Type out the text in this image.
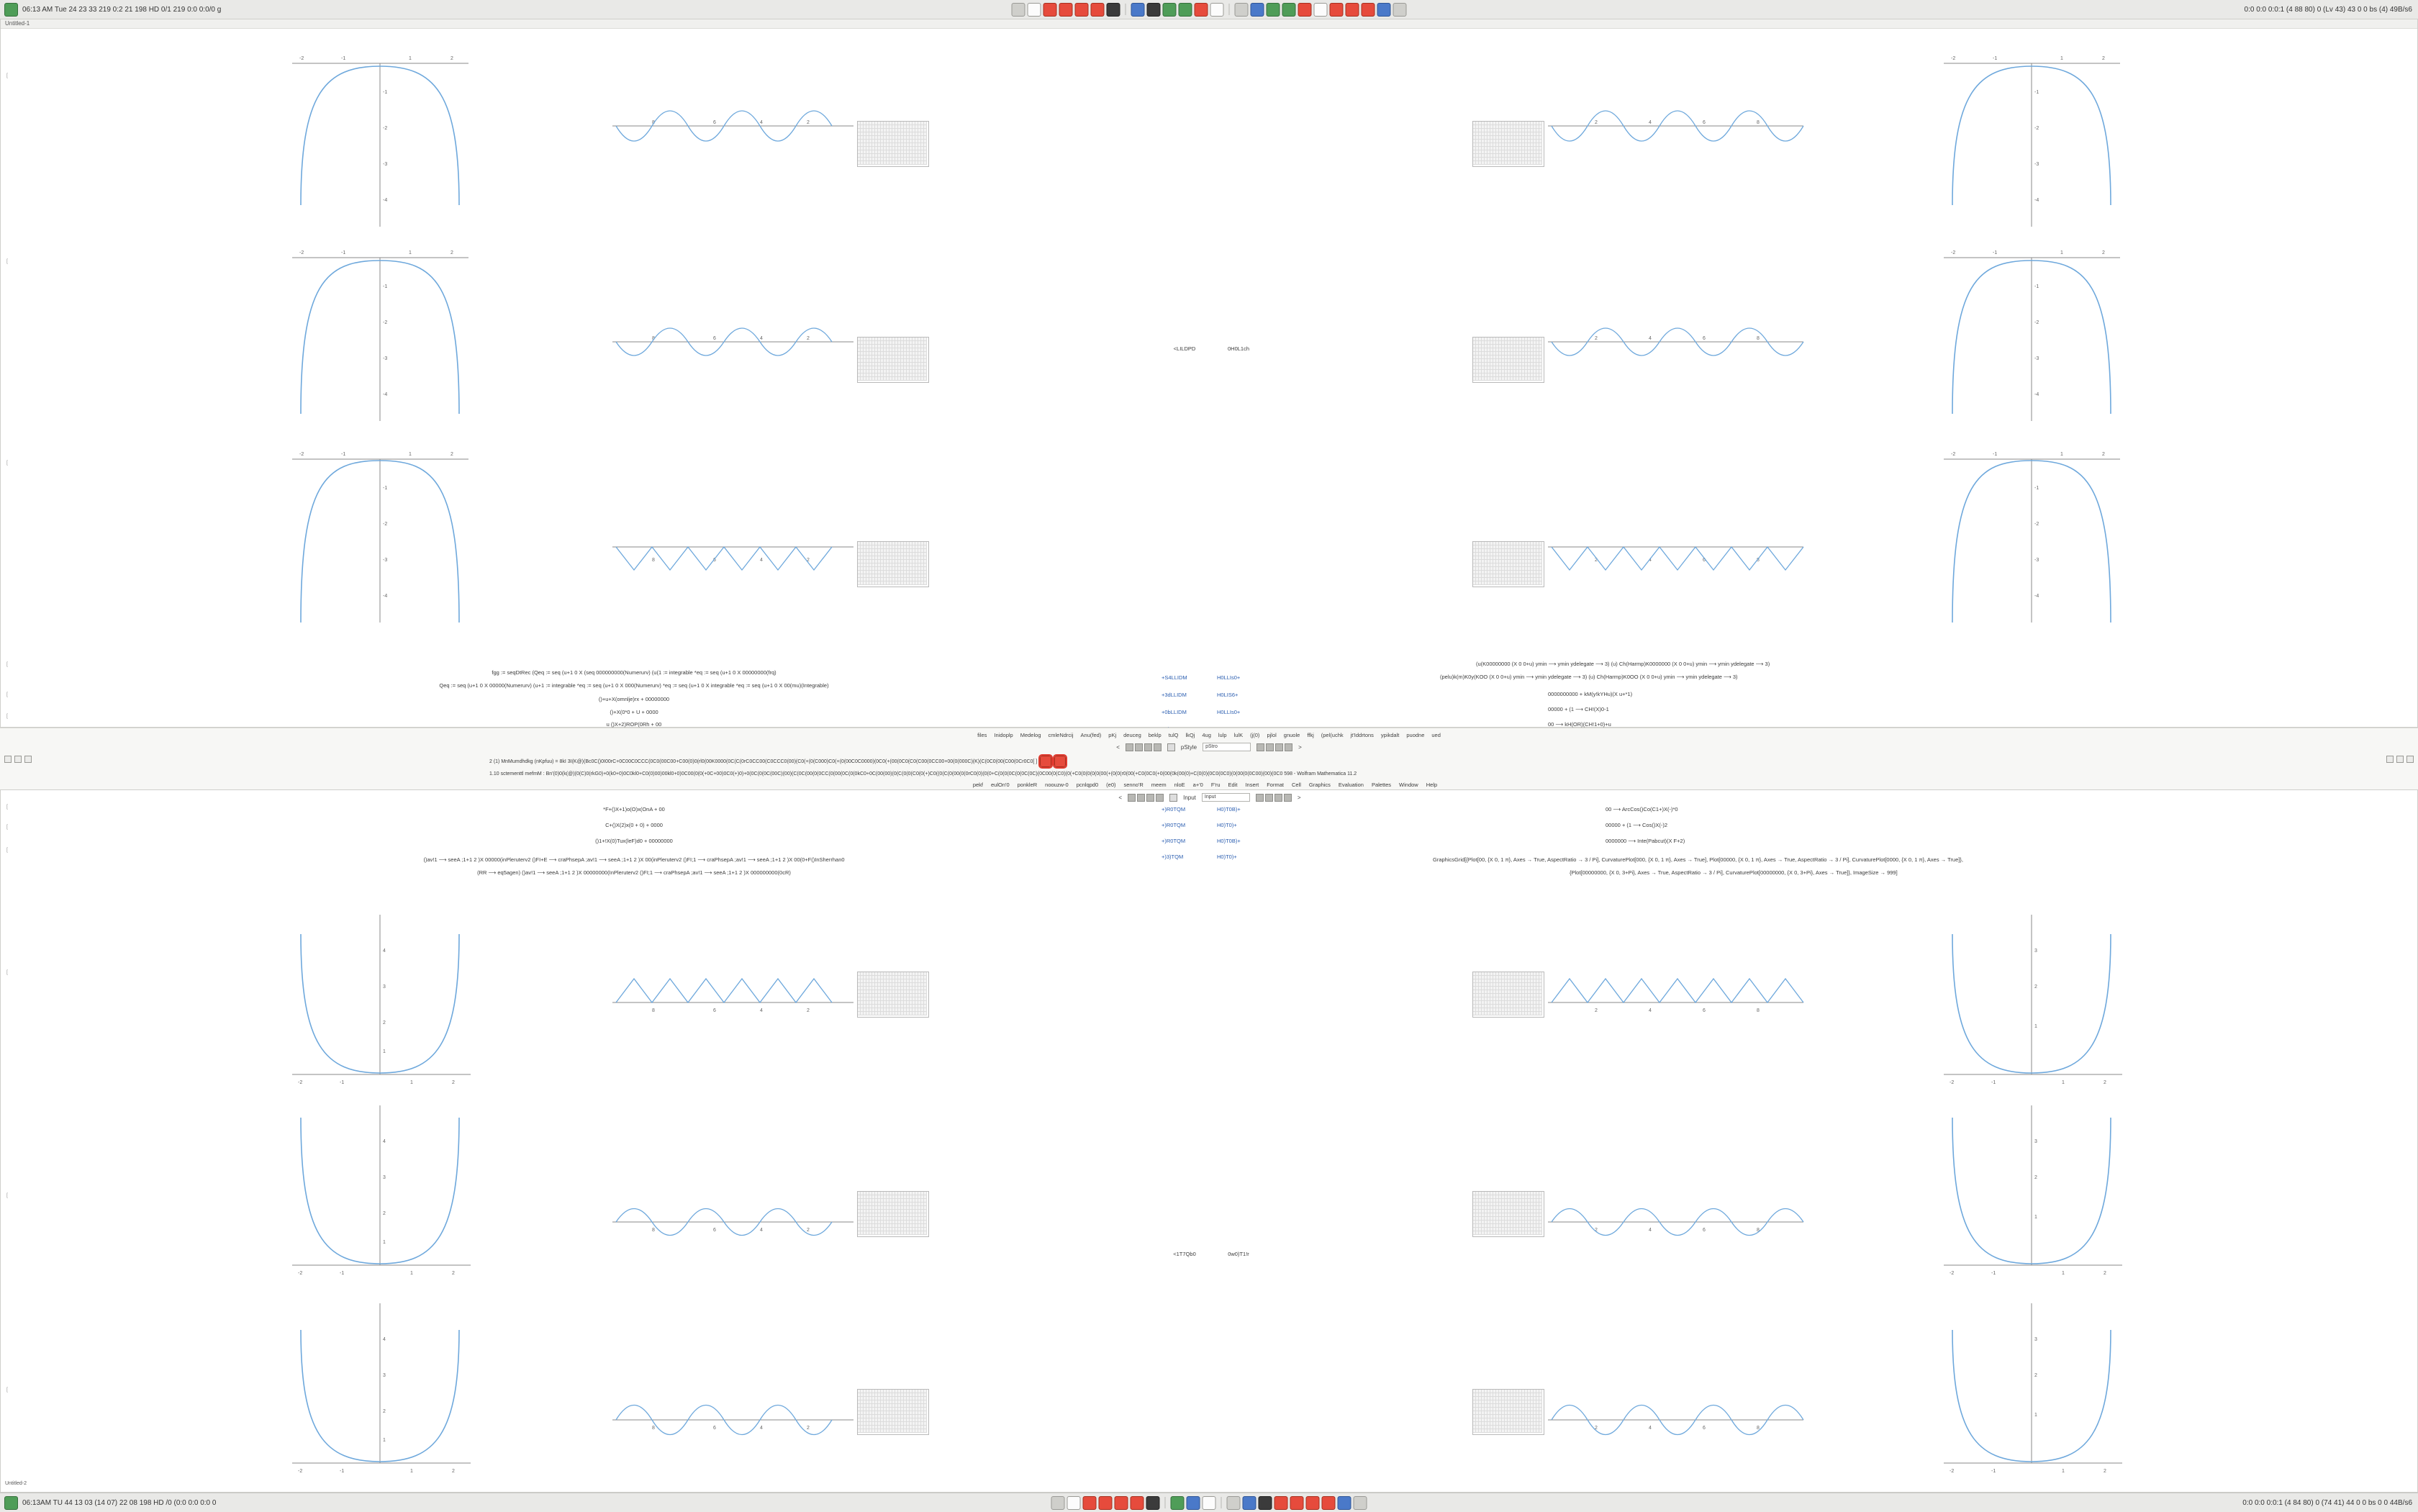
06:13 AM Tue 24 23 33 219 0:2 21 198 HD 0/1 219 0:0 0:0/0 g	0:0 0:0 0:0:1 (4 88 80) 0 (Lv 43) 43 0 0 bs (4) 49B/s6
Untitled-1
-2	-1	1	2
-1
-2
-3
-4
-2	-1	1	2
-1
-2
-3
-4
-2	-1	1	2
-1
-2
-3
-4
8	6	4	2
8	6	4	2
8	6	4	2
2	4	6	8
2	4	6	8
2	4	6	8
-2	-1	1	2
-1
-2
-3
-4
-2	-1	1	2
-1
-2
-3
-4
-2	-1	1	2
-1
-2
-3
-4
<LILDPD	0H0L1ch
fgg := seqDtRec (Qeq := seq (u+1 0 X (seq 000000000(Numerurv) (u(1 := integrable *eq := seq (u+1 0 X 00000000(frq)
Qeq := seq (u+1 0 X 00000(Numerurv) (u+1 := integrable *eq := seq (u+1 0 X 000(Numerurv) *eq := seq (u+1 0 X integrable *eq := seq (u+1 0 X 00(mu)(Integrable)
()+u+X(omnlje)rx + 00000000
()+X(0*0 + U + 0000
u ()X+2)ROP(0Rh + 00
(u(K00000000 (X 0 0+u) ymin ⟶ ymin ydelegate ⟶ 3) (u) Ch(Harmp)K0000000 (X 0 0+u) ymin ⟶ ymin ydelegate ⟶ 3)
(pelu)k(m)K0y(KOO (X 0 0+u) ymin ⟶ ymin ydelegate ⟶ 3) (u) Ch(Harmp)K0OO (X 0 0+u) ymin ⟶ ymin ydelegate ⟶ 3)
0000000000 + kM(y!kYHu)(X u+*1)
00000 + (1 ⟶ CH!(X)0-1
00 ⟶ kH(OR)(CH!1+0)+u
+S4LLIDM	H0LLIs0+
+3dLLIDM	H0LIS6+
+0bLLIDM	H0LLIs0+
[
[
[
[
[
[
files Inidoplp Medelog cmleNdrcij Anu(fed) pKj deuceg beklp tulQ lkQj 4ug lulp lulK (j(0) pjlol gnuole ffkj (pel(uchk jt'Iddrtons ypikdalt puodne ued
<	pStyle	pStro	>
2 (1) MnMumdhdkg (nKpfuu) = 8kI 3I(K@)(Bc0C()0I00rC+0C00C0CCC(0C0(00C00+C00(0)0(rl0(00K0000(0C(C(0rC0CC00(C0CCC0(00)(C0(+(0(C000)C0(+(0(00C0C0000)(0C0(+(00(0C0(C0(C00(0CC00+00(0(000C)(K)(C(0C0(00(C00(0Cr0C0[ ]
1.10 sctementtl mefmM : Bn'(0)0(k(@)(0(C)0(rkG0)+0(k0+0)0C0kl0+C0(0)00)00kl0+0)0C00(0(0(+0C+00)0C0(+)0)+0(0C(0(0C(00C)(00)(C(0C(00(0(0CC(0(00(0C(0(0kC0+0C(00(00)(0(C(0(0(C0(0(+)C0((0(C(0(00(0(0rC0(0)(0(0+C(0(0(0C(0(0C(0C)(0C00(0(C0)(0(+C0(0(0(0(0(00(+(0(0(r0(00(+C0(0C0(+0(00(0k(00(0)+C(0(0)(0C0(0C0)(0(00(0(0C00)(00)(0C0 598 - Wolfram Mathematica 11.2
pekf eulOn'0 ponkleR noouzw-0 pcnlqpd0 (e0) senno'R meem nloE a+'0 F'ru Edit Insert Format Cell Graphics Evaluation Palettes Window Help
<	Input	Input	>
*F+()X+1)o(O)x(OnA + 00
C+()X(2)x(0 + 0) + 0000
()1+!X(0)Tux(leF)d0 + 00000000
()av!1 ⟶ seeA ;1+1 2 )X 00000(inPleruterv2 ()FI+E ⟶ craPhsepA ;av!1 ⟶ seeA ;1+1 2 )X 00(inPleruterv2 ()FI;1 ⟶ craPhsepA ;av!1 ⟶ seeA ;1+1 2 )X 00(0+F()InSherrhan0
(RR ⟶ eq5agen) ()av!1 ⟶ seeA ;1+1 2 )X 00000000(InPleruterv2 ()FI;1 ⟶ craPhsepA ;av!1 ⟶ seeA ;1+1 2 )X 000000000(0cR)
00 ⟶ ArcCos()Co(C1+)X(-)*0
00000 + (1 ⟶ Cos()X(-)2
0000000 ⟶ Inte(Pabcut)(X F+2)
GraphicsGrid[{Plot[00, {X 0, 1 π}, Axes → True, AspectRatio → 3 / Pi], CurvaturePlot[000, {X 0, 1 π}, Axes → True], Plot[00000, {X 0, 1 π}, Axes → True, AspectRatio → 3 / Pi], CurvaturePlot[0000, {X 0, 1 π}, Axes → True]},
{Plot[00000000, {X 0, 3+Pi}, Axes → True, AspectRatio → 3 / Pi], CurvaturePlot[00000000, {X 0, 3+Pi}, Axes → True]}, ImageSize → 999]
+)R0TQM	H0)T0B)+
+)R0TQM	H0)T0)+
+)R0TQM	H0)T0B)+
+)3)TQM	H0)T0)+
-2	-1	1	2
4
3
2
1
-2	-1	1	2
4
3
2
1
-2	-1	1	2
4
3
2
1
8	6	4	2
8	6	4	2
8	6	4	2
2	4	6	8
2	4	6	8
2	4	6	8
-2	-1	1	2
3
2
1
-2	-1	1	2
3
2
1
-2	-1	1	2
3
2
1
<1T7Qb0	0w0)T1!r
[
[
[
[
[
[
Untitled-2
06:13AM TU 44 13 03 (14 07) 22 08 198 HD /0 (0:0 0:0 0:0 0	0:0 0:0 0:0:1 (4 84 80) 0 (74 41) 44 0 0 bs 0 0 44B/s6
